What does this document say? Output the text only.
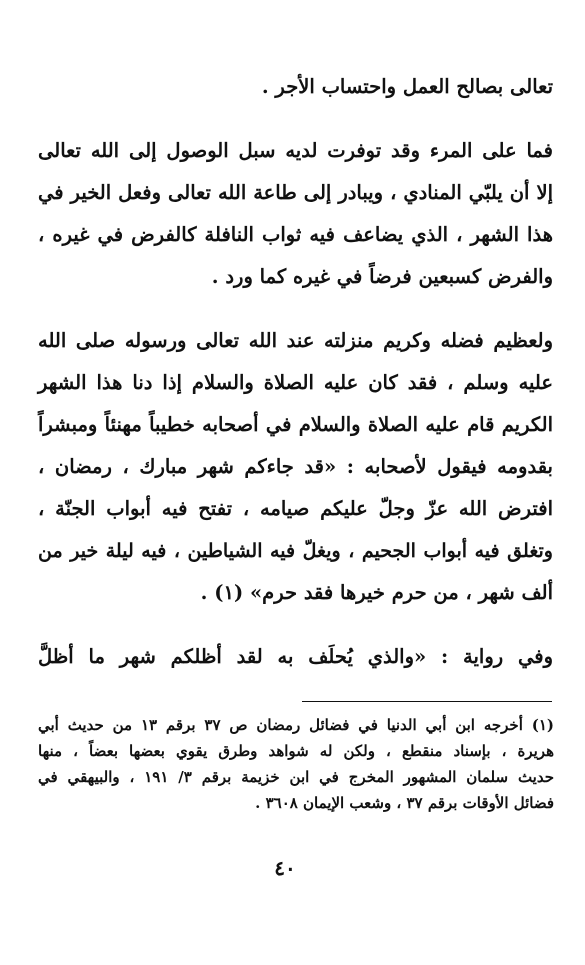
تعالى بصالح العمل واحتساب الأجر .
فما على المرء وقد توفرت لديه سبل الوصول إلى الله تعالى
إلا أن يلبّي المنادي ، ويبادر إلى طاعة الله تعالى وفعل الخير في
هذا الشهر ، الذي يضاعف فيه ثواب النافلة كالفرض في غيره ،
والفرض كسبعين فرضاً في غيره كما ورد .
ولعظيم فضله وكريم منزلته عند الله تعالى ورسوله صلى الله
عليه وسلم ، فقد كان عليه الصلاة والسلام إذا دنا هذا الشهر
الكريم قام عليه الصلاة والسلام في أصحابه خطيباً مهنئاً ومبشراً
بقدومه فيقول لأصحابه : «قد جاءكم شهر مبارك ، رمضان ،
افترض الله عزّ وجلّ عليكم صيامه ، تفتح فيه أبواب الجنّة ،
وتغلق فيه أبواب الجحيم ، ويغلّ فيه الشياطين ، فيه ليلة خير من
ألف شهر ، من حرم خيرها فقد حرم» (١) .
وفي رواية : «والذي يُحلَف به لقد أظلكم شهر ما أظلَّ
(١) أخرجه ابن أبي الدنيا في فضائل رمضان ص ٣٧ برقم ١٣ من حديث أبي
هريرة ، بإسناد منقطع ، ولكن له شواهد وطرق يقوي بعضها بعضاً ، منها
حديث سلمان المشهور المخرج في ابن خزيمة برقم ٣/ ١٩١ ، والبيهقي في
فضائل الأوقات برقم ٣٧ ، وشعب الإيمان ٣٦٠٨ .
٤٠
